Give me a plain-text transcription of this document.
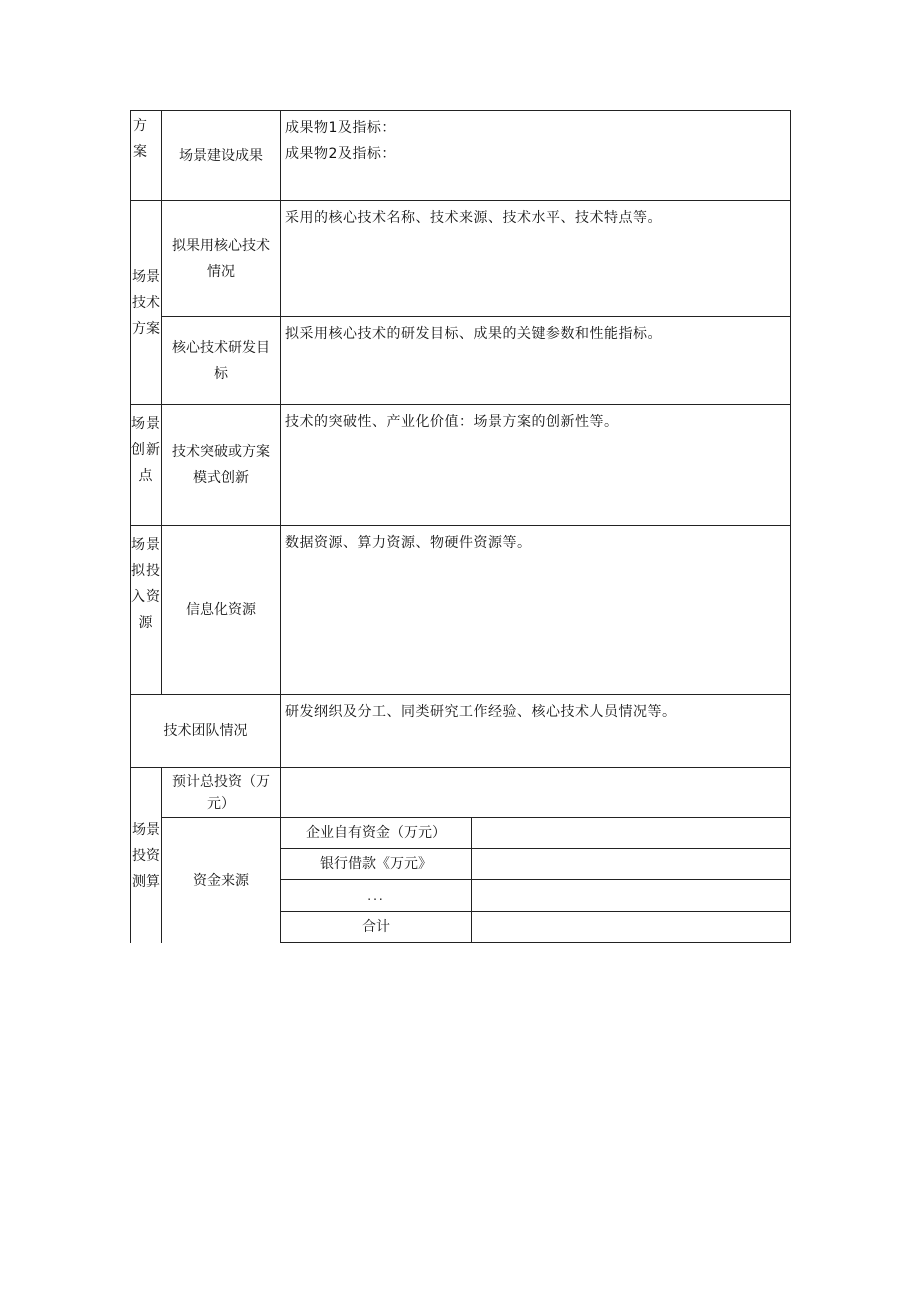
方案	场景建设成果
成果物1及指标：
成果物2及指标：
场景技术方案
拟果用核心技术情况
采用的核心技术名称、技术来源、技术水平、技术特点等。
核心技术研发目标
拟采用核心技术的研发目标、成果的关键参数和性能指标。
场景创新点
技术突破或方案模式创新
技术的突破性、产业化价值：场景方案的创新性等。
场景拟投入资源
信息化资源
数据资源、算力资源、物硬件资源等。
技术团队情况
研发纲织及分工、同类研究工作经验、核心技术人员情况等。
场景投资测算
预计总投资（万元）
资金来源
企业自有资金（万元）
银行借款《万元》
...
合计
